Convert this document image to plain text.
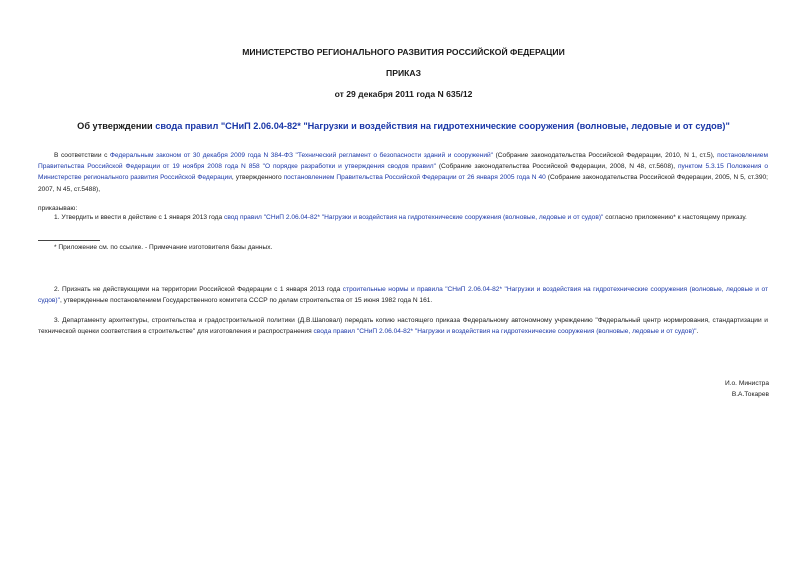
МИНИСТЕРСТВО РЕГИОНАЛЬНОГО РАЗВИТИЯ РОССИЙСКОЙ ФЕДЕРАЦИИ
ПРИКАЗ
от 29 декабря 2011 года N 635/12
Об утверждении свода правил "СНиП 2.06.04-82* "Нагрузки и воздействия на гидротехнические сооружения (волновые, ледовые и от судов)"
В соответствии с Федеральным законом от 30 декабря 2009 года N 384-ФЗ "Технический регламент о безопасности зданий и сооружений" (Собрание законодательства Российской Федерации, 2010, N 1, ст.5), постановлением Правительства Российской Федерации от 19 ноября 2008 года N 858 "О порядке разработки и утверждения сводов правил" (Собрание законодательства Российской Федерации, 2008, N 48, ст.5608), пунктом 5.3.15 Положения о Министерстве регионального развития Российской Федерации, утвержденного постановлением Правительства Российской Федерации от 26 января 2005 года N 40 (Собрание законодательства Российской Федерации, 2005, N 5, ст.390; 2007, N 45, ст.5488),
приказываю:
1. Утвердить и ввести в действие с 1 января 2013 года свод правил "СНиП 2.06.04-82* "Нагрузки и воздействия на гидротехнические сооружения (волновые, ледовые и от судов)" согласно приложению* к настоящему приказу.
* Приложение см. по ссылке. - Примечание изготовителя базы данных.
2. Признать не действующими на территории Российской Федерации с 1 января 2013 года строительные нормы и правила "СНиП 2.06.04-82* "Нагрузки и воздействия на гидротехнические сооружения (волновые, ледовые и от судов)", утвержденные постановлением Государственного комитета СССР по делам строительства от 15 июня 1982 года N 161.
3. Департаменту архитектуры, строительства и градостроительной политики (Д.В.Шаповал) передать копию настоящего приказа Федеральному автономному учреждению "Федеральный центр нормирования, стандартизации и технической оценки соответствия в строительстве" для изготовления и распространения свода правил "СНиП 2.06.04-82* "Нагрузки и воздействия на гидротехнические сооружения (волновые, ледовые и от судов)".
И.о. Министра
В.А.Токарев
